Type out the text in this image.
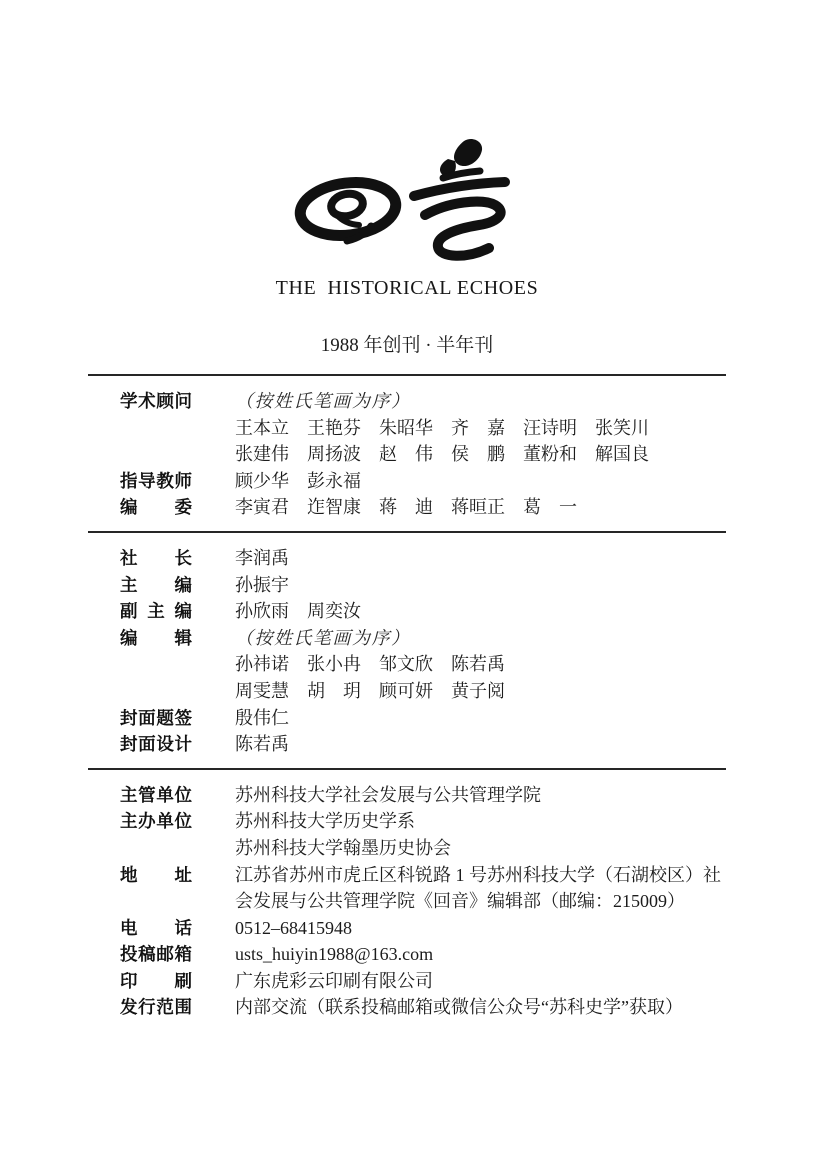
THE  HISTORICAL ECHOES
1988 年创刊 · 半年刊
学术顾问 （按姓氏笔画为序）
王本立　王艳芬　朱昭华　齐　嘉　汪诗明　张笑川
张建伟　周扬波　赵　伟　侯　鹏　董粉和　解国良
指导教师 顾少华　彭永福
编委 李寅君　迮智康　蒋　迪　蒋晅正　葛　一
社长 李润禹
主编 孙振宇
副主编 孙欣雨　周奕汝
编辑 （按姓氏笔画为序）
孙祎诺　张小冉　邹文欣　陈若禹
周雯慧　胡　玥　顾可妍　黄子阅
封面题签 殷伟仁
封面设计 陈若禹
主管单位 苏州科技大学社会发展与公共管理学院
主办单位 苏州科技大学历史学系
苏州科技大学翰墨历史协会
地址 江苏省苏州市虎丘区科锐路 1 号苏州科技大学（石湖校区）社会发展与公共管理学院《回音》编辑部（邮编：215009）
电话 0512–68415948
投稿邮箱 usts_huiyin1988@163.com
印刷 广东虎彩云印刷有限公司
发行范围 内部交流（联系投稿邮箱或微信公众号“苏科史学”获取）
